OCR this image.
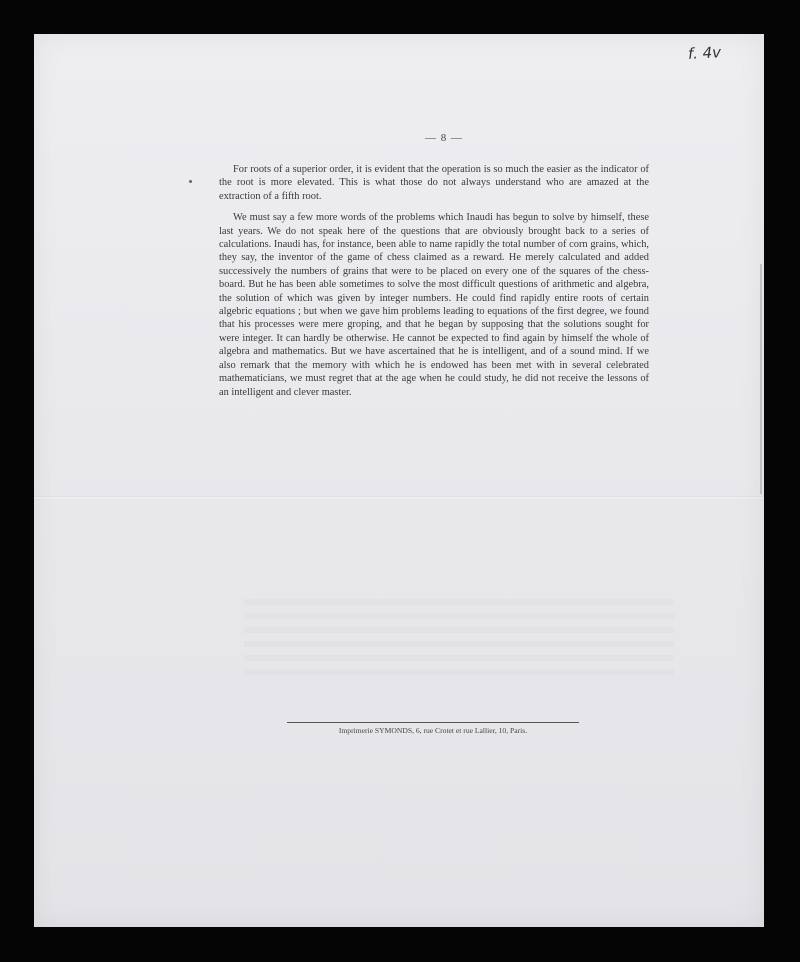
f. 4v
— 8 —

For roots of a superior order, it is evident that the operation is so much the easier as the indicator of the root is more elevated. This is what those do not always understand who are amazed at the extraction of a fifth root.

We must say a few more words of the problems which Inaudi has begun to solve by himself, these last years. We do not speak here of the questions that are obviously brought back to a series of calculations. Inaudi has, for instance, been able to name rapidly the total number of corn grains, which, they say, the inventor of the game of chess claimed as a reward. He merely calculated and added successively the numbers of grains that were to be placed on every one of the squares of the chess-board. But he has been able sometimes to solve the most difficult questions of arithmetic and algebra, the solution of which was given by integer numbers. He could find rapidly entire roots of certain algebric equations ; but when we gave him problems leading to equations of the first degree, we found that his processes were mere groping, and that he began by supposing that the solutions sought for were integer. It can hardly be otherwise. He cannot be expected to find again by himself the whole of algebra and mathematics. But we have ascertained that he is intelligent, and of a sound mind. If we also remark that the memory with which he is endowed has been met with in several celebrated mathematicians, we must regret that at the age when he could study, he did not receive the lessons of an intelligent and clever master.

Imprimerie SYMONDS, 6, rue Crotet et rue Lallier, 10, Paris.
